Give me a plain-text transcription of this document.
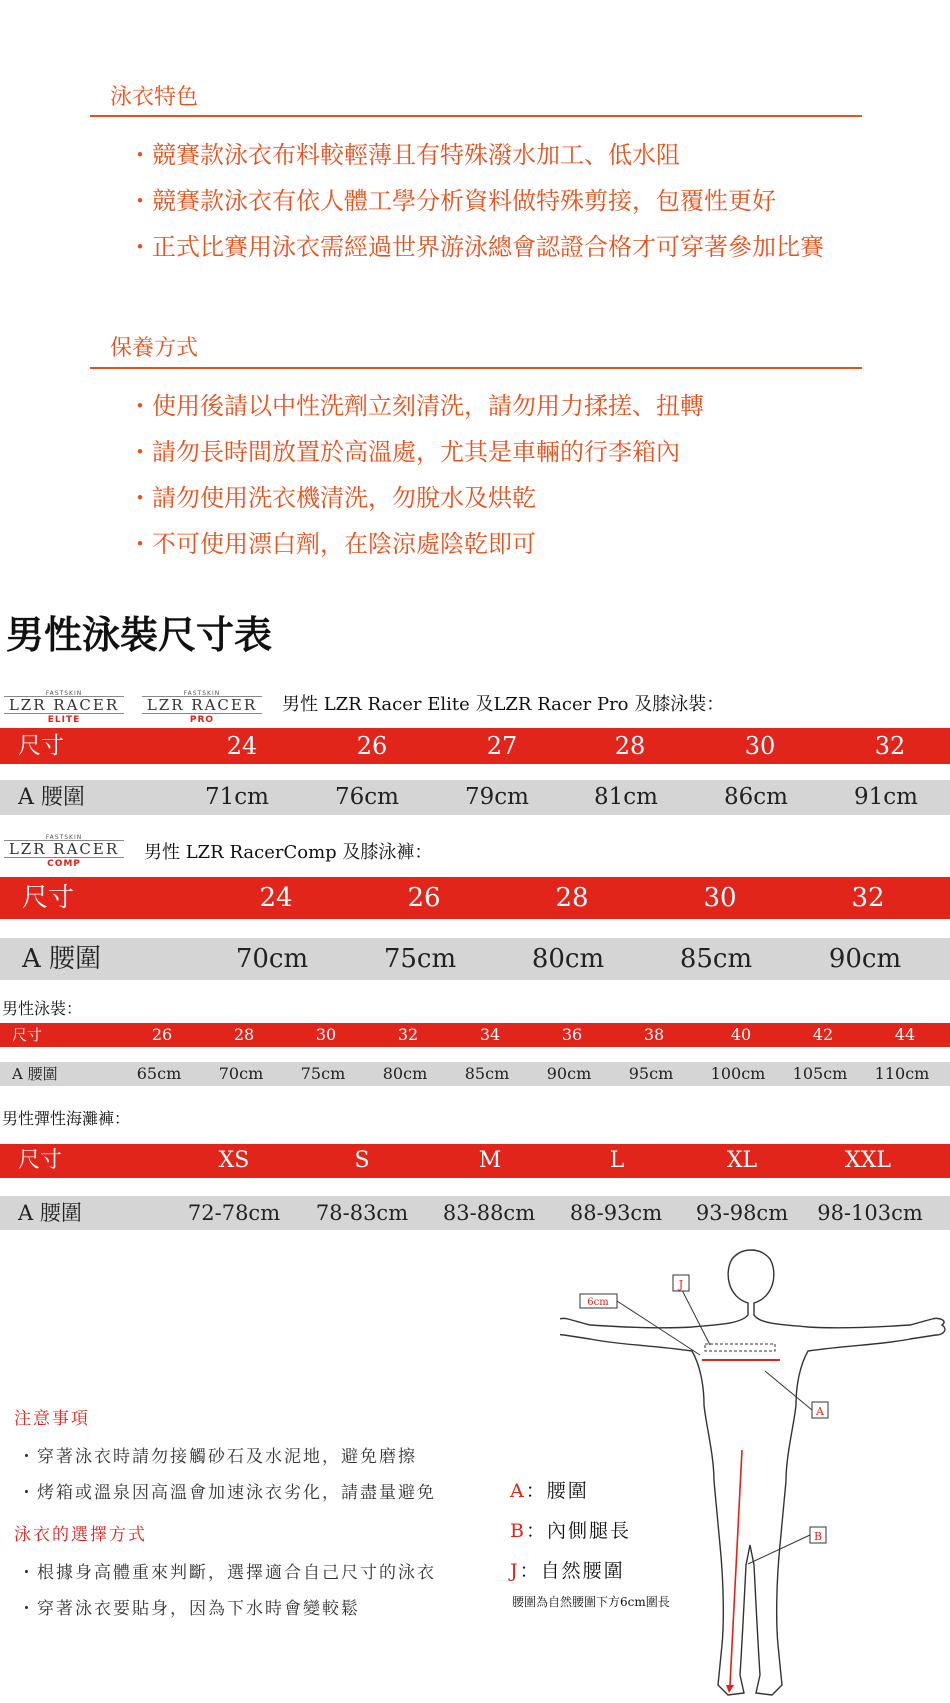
泳衣特色
・競賽款泳衣布料較輕薄且有特殊潑水加工、低水阻
・競賽款泳衣有依人體工學分析資料做特殊剪接，包覆性更好
・正式比賽用泳衣需經過世界游泳總會認證合格才可穿著參加比賽
保養方式
・使用後請以中性洗劑立刻清洗，請勿用力揉搓、扭轉
・請勿長時間放置於高溫處，尤其是車輛的行李箱內
・請勿使用洗衣機清洗，勿脫水及烘乾
・不可使用漂白劑，在陰涼處陰乾即可
男性泳裝尺寸表
FASTSKIN
LZR RACER
ELITE
FASTSKIN
LZR RACER
PRO
男性 LZR Racer Elite 及LZR Racer Pro 及膝泳裝：
尺寸	24	26	27	28	30	32
A 腰圍	71cm	76cm	79cm	81cm	86cm	91cm
FASTSKIN
LZR RACER
COMP
男性 LZR RacerComp 及膝泳褲：
尺寸	24	26	28	30	32
A 腰圍	70cm	75cm	80cm	85cm	90cm
男性泳裝：
尺寸	26	28	30	32	34	36	38	40	42	44
A 腰圍	65cm	70cm	75cm	80cm	85cm	90cm	95cm	100cm 105cm 110cm
男性彈性海灘褲：
尺寸	XS	S	M	L	XL	XXL
A 腰圍	72-78cm	78-83cm	83-88cm	88-93cm	93-98cm	98-103cm
注意事項
・穿著泳衣時請勿接觸砂石及水泥地，避免磨擦
・烤箱或溫泉因高溫會加速泳衣劣化，請盡量避免
泳衣的選擇方式
・根據身高體重來判斷，選擇適合自己尺寸的泳衣
・穿著泳衣要貼身，因為下水時會變較鬆
A：腰圍
B：內側腿長
J：自然腰圍
腰圍為自然腰圍下方6cm圍長
J
6cm
A
B
